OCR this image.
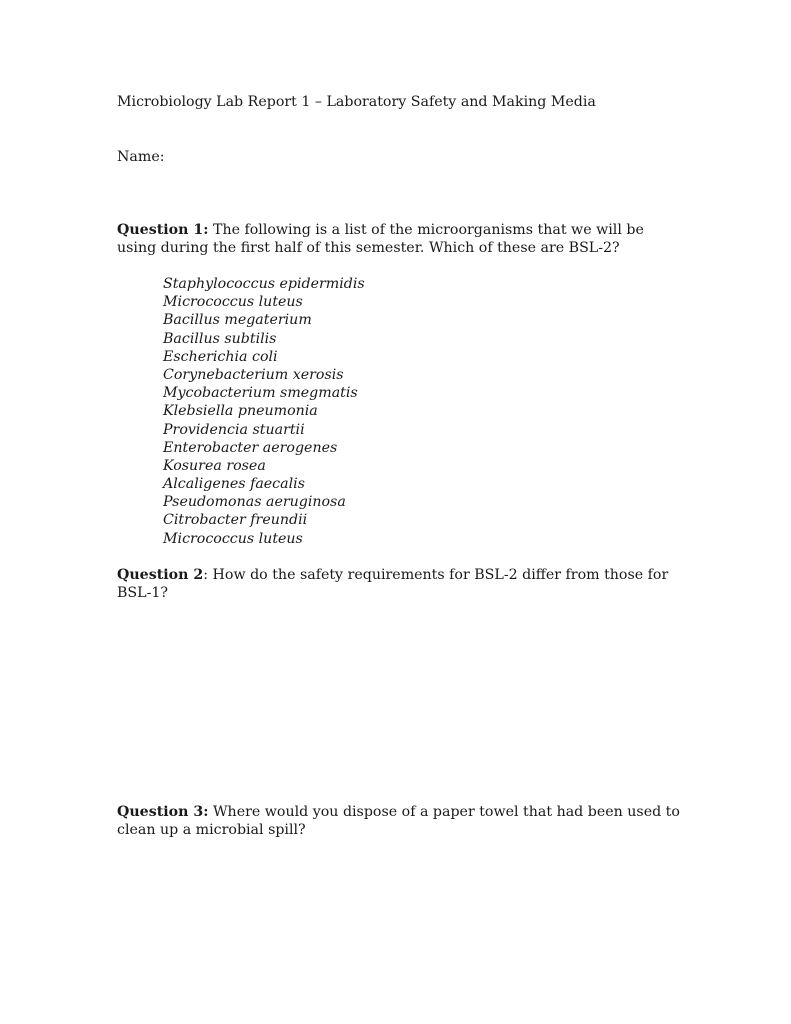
Microbiology Lab Report 1 – Laboratory Safety and Making Media

Name:

Question 1: The following is a list of the microorganisms that we will be using during the first half of this semester. Which of these are BSL-2?

Staphylococcus epidermidis
Micrococcus luteus
Bacillus megaterium
Bacillus subtilis
Escherichia coli
Corynebacterium xerosis
Mycobacterium smegmatis
Klebsiella pneumonia
Providencia stuartii
Enterobacter aerogenes
Kosurea rosea
Alcaligenes faecalis
Pseudomonas aeruginosa
Citrobacter freundii
Micrococcus luteus

Question 2: How do the safety requirements for BSL-2 differ from those for BSL-1?

Question 3: Where would you dispose of a paper towel that had been used to clean up a microbial spill?
